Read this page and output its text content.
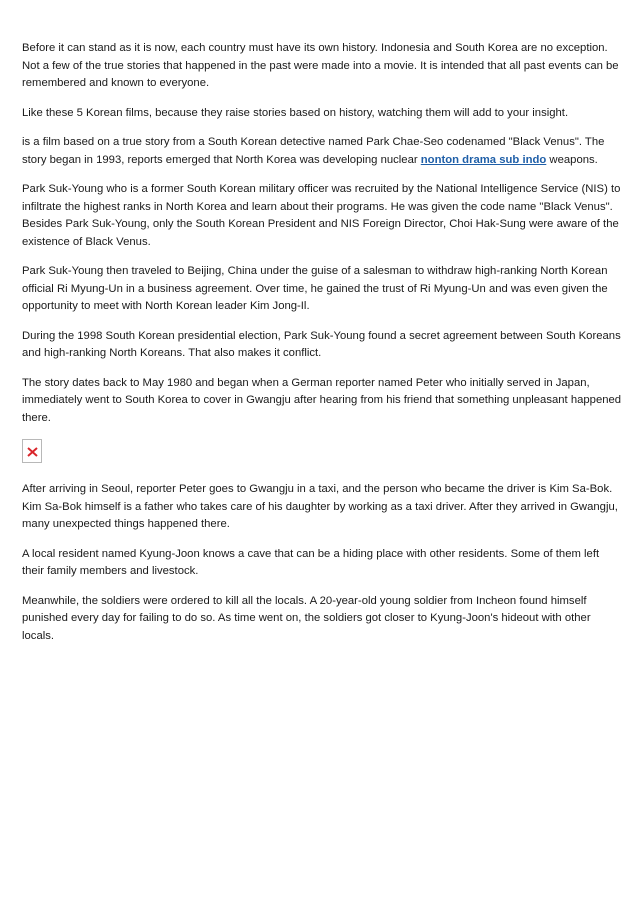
Before it can stand as it is now, each country must have its own history. Indonesia and South Korea are no exception. Not a few of the true stories that happened in the past were made into a movie. It is intended that all past events can be remembered and known to everyone.

Like these 5 Korean films, because they raise stories based on history, watching them will add to your insight.

is a film based on a true story from a South Korean detective named Park Chae-Seo codenamed "Black Venus". The story began in 1993, reports emerged that North Korea was developing nuclear nonton drama sub indo weapons.

Park Suk-Young who is a former South Korean military officer was recruited by the National Intelligence Service (NIS) to infiltrate the highest ranks in North Korea and learn about their programs. He was given the code name "Black Venus". Besides Park Suk-Young, only the South Korean President and NIS Foreign Director, Choi Hak-Sung were aware of the existence of Black Venus.

Park Suk-Young then traveled to Beijing, China under the guise of a salesman to withdraw high-ranking North Korean official Ri Myung-Un in a business agreement. Over time, he gained the trust of Ri Myung-Un and was even given the opportunity to meet with North Korean leader Kim Jong-Il.

During the 1998 South Korean presidential election, Park Suk-Young found a secret agreement between South Koreans and high-ranking North Koreans. That also makes it conflict.

The story dates back to May 1980 and began when a German reporter named Peter who initially served in Japan, immediately went to South Korea to cover in Gwangju after hearing from his friend that something unpleasant happened there.

After arriving in Seoul, reporter Peter goes to Gwangju in a taxi, and the person who became the driver is Kim Sa-Bok. Kim Sa-Bok himself is a father who takes care of his daughter by working as a taxi driver. After they arrived in Gwangju, many unexpected things happened there.

A local resident named Kyung-Joon knows a cave that can be a hiding place with other residents. Some of them left their family members and livestock.

Meanwhile, the soldiers were ordered to kill all the locals. A 20-year-old young soldier from Incheon found himself punished every day for failing to do so. As time went on, the soldiers got closer to Kyung-Joon's hideout with other locals.
